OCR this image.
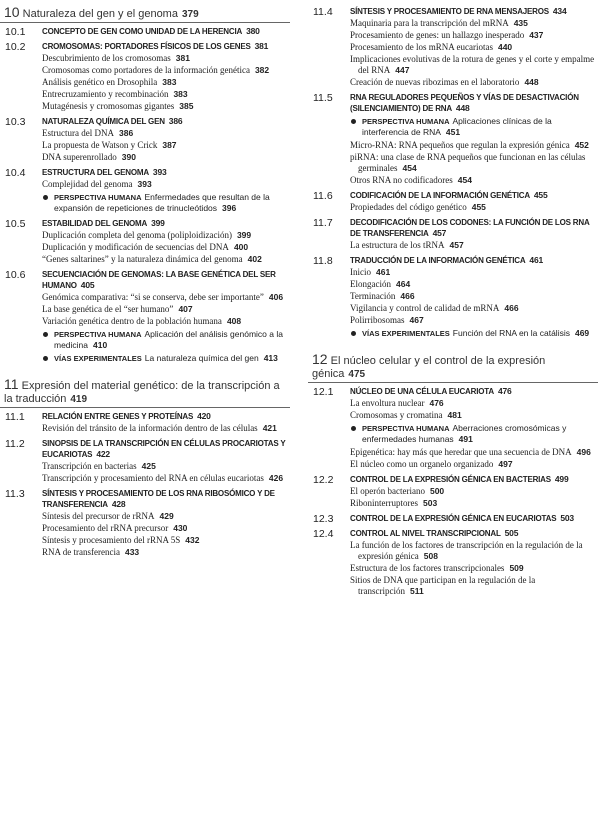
10 Naturaleza del gen y el genoma 379
10.1 CONCEPTO DE GEN COMO UNIDAD DE LA HERENCIA 380
10.2 CROMOSOMAS: PORTADORES FÍSICOS DE LOS GENES 381
Descubrimiento de los cromosomas 381
Cromosomas como portadores de la información genética 382
Análisis genético en Drosophila 383
Entrecruzamiento y recombinación 383
Mutagénesis y cromosomas gigantes 385
10.3 NATURALEZA QUÍMICA DEL GEN 386
Estructura del DNA 386
La propuesta de Watson y Crick 387
DNA superenrollado 390
10.4 ESTRUCTURA DEL GENOMA 393
Complejidad del genoma 393
PERSPECTIVA HUMANA Enfermedades que resultan de la expansión de repeticiones de trinucleótidos 396
10.5 ESTABILIDAD DEL GENOMA 399
Duplicación completa del genoma (poliploidización) 399
Duplicación y modificación de secuencias del DNA 400
“Genes saltarines” y la naturaleza dinámica del genoma 402
10.6 SECUENCIACIÓN DE GENOMAS: LA BASE GENÉTICA DEL SER HUMANO 405
Genómica comparativa: “si se conserva, debe ser importante” 406
La base genética de el “ser humano” 407
Variación genética dentro de la población humana 408
PERSPECTIVA HUMANA Aplicación del análisis genómico a la medicina 410
VÍAS EXPERIMENTALES La naturaleza química del gen 413
11 Expresión del material genético: de la transcripción a la traducción 419
11.1 RELACIÓN ENTRE GENES Y PROTEÍNAS 420
Revisión del tránsito de la información dentro de las células 421
11.2 SINOPSIS DE LA TRANSCRIPCIÓN EN CÉLULAS PROCARIOTAS Y EUCARIOTAS 422
Transcripción en bacterias 425
Transcripción y procesamiento del RNA en células eucariotas 426
11.3 SÍNTESIS Y PROCESAMIENTO DE LOS RNA RIBOSÓMICO Y DE TRANSFERENCIA 428
Síntesis del precursor de rRNA 429
Procesamiento del rRNA precursor 430
Síntesis y procesamiento del rRNA 5S 432
RNA de transferencia 433
11.4 SÍNTESIS Y PROCESAMIENTO DE RNA MENSAJEROS 434
Maquinaria para la transcripción del mRNA 435
Procesamiento de genes: un hallazgo inesperado 437
Procesamiento de los mRNA eucariotas 440
Implicaciones evolutivas de la rotura de genes y el corte y empalme del RNA 447
Creación de nuevas ribozimas en el laboratorio 448
11.5 RNA REGULADORES PEQUEÑOS Y VÍAS DE DESACTIVACIÓN (SILENCIAMIENTO) DE RNA 448
PERSPECTIVA HUMANA Aplicaciones clínicas de la interferencia de RNA 451
Micro-RNA: RNA pequeños que regulan la expresión génica 452
piRNA: una clase de RNA pequeños que funcionan en las células germinales 454
Otros RNA no codificadores 454
11.6 CODIFICACIÓN DE LA INFORMACIÓN GENÉTICA 455
Propiedades del código genético 455
11.7 DECODIFICACIÓN DE LOS CODONES: LA FUNCIÓN DE LOS RNA DE TRANSFERENCIA 457
La estructura de los tRNA 457
11.8 TRADUCCIÓN DE LA INFORMACIÓN GENÉTICA 461
Inicio 461
Elongación 464
Terminación 466
Vigilancia y control de calidad de mRNA 466
Polirribosomas 467
VÍAS EXPERIMENTALES Función del RNA en la catálisis 469
12 El núcleo celular y el control de la expresión génica 475
12.1 NÚCLEO DE UNA CÉLULA EUCARIOTA 476
La envoltura nuclear 476
Cromosomas y cromatina 481
PERSPECTIVA HUMANA Aberraciones cromosómicas y enfermedades humanas 491
Epigenética: hay más que heredar que una secuencia de DNA 496
El núcleo como un organelo organizado 497
12.2 CONTROL DE LA EXPRESIÓN GÉNICA EN BACTERIAS 499
El operón bacteriano 500
Riboninterruptores 503
12.3 CONTROL DE LA EXPRESIÓN GÉNICA EN EUCARIOTAS 503
12.4 CONTROL AL NIVEL TRANSCRIPCIONAL 505
La función de los factores de transcripción en la regulación de la expresión génica 508
Estructura de los factores transcripcionales 509
Sitios de DNA que participan en la regulación de la transcripción 511
